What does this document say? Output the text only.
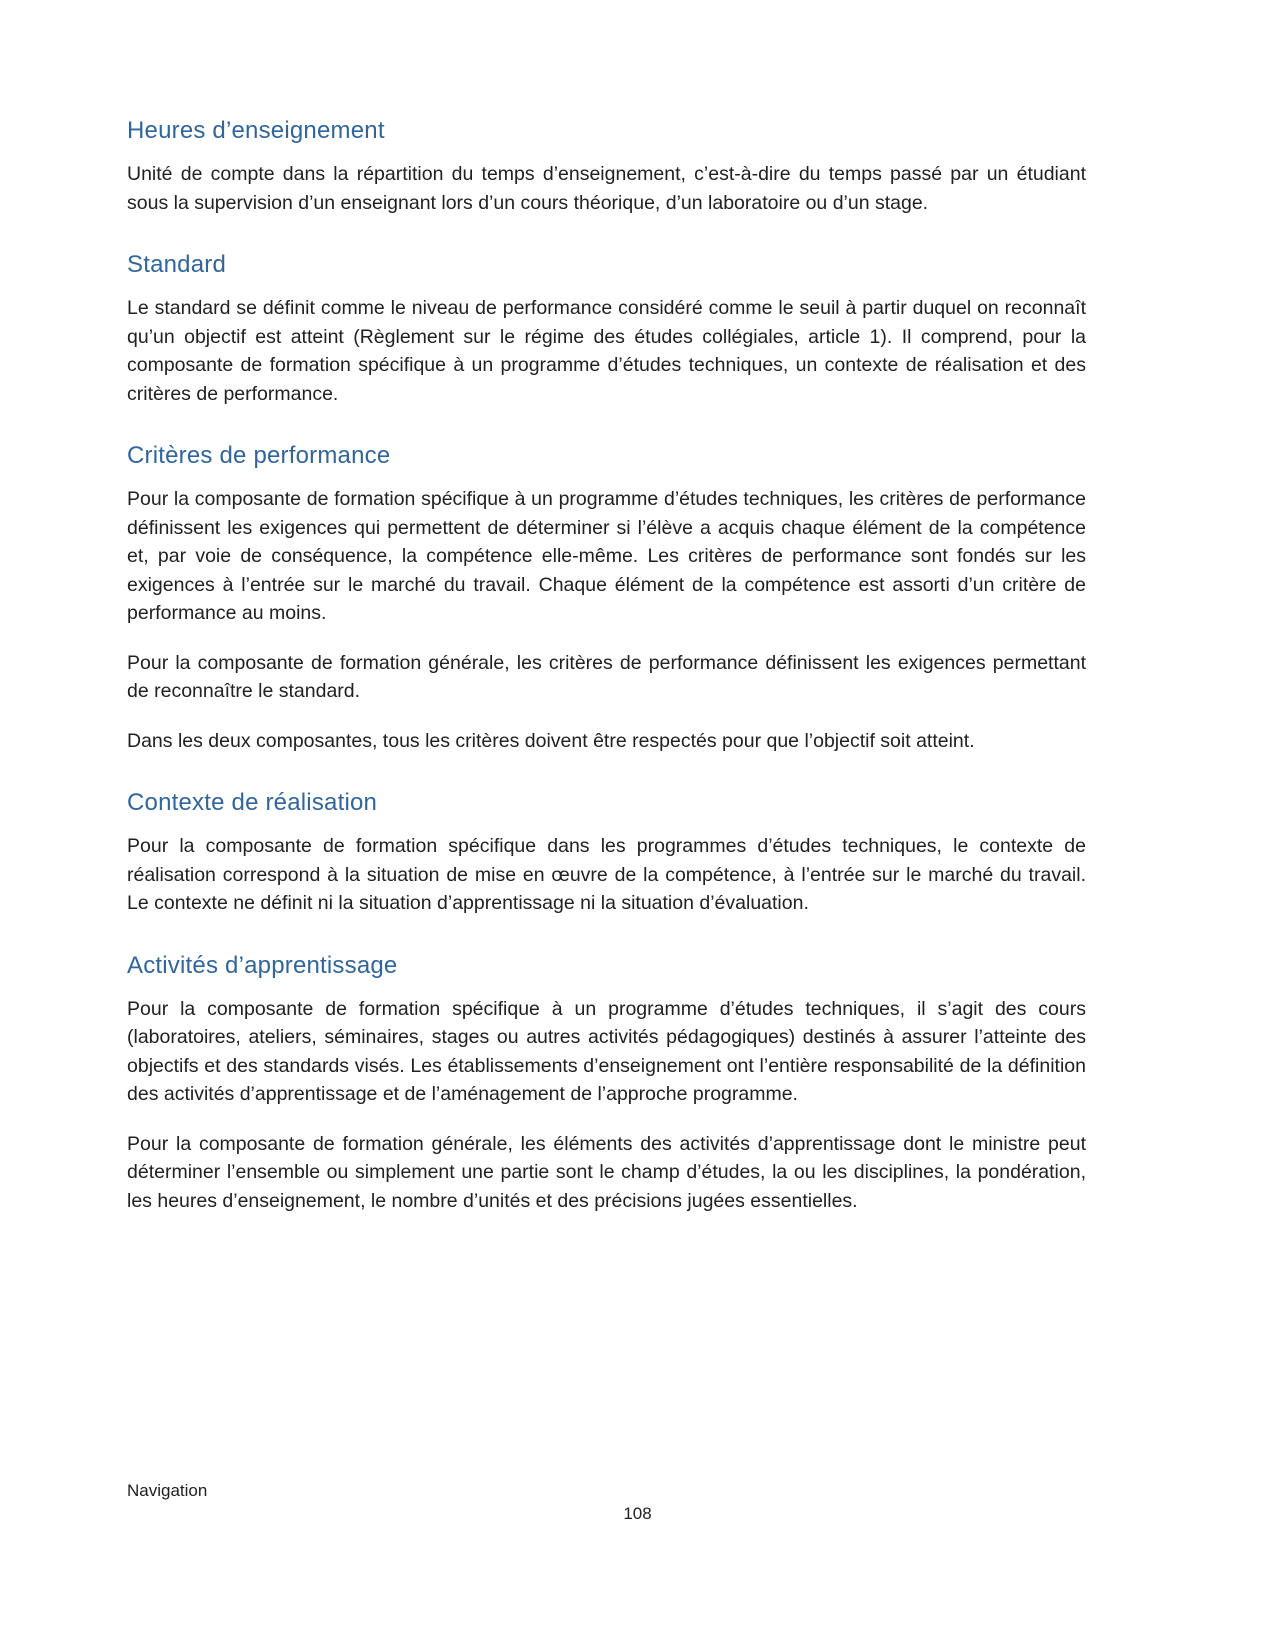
Heures d’enseignement

Unité de compte dans la répartition du temps d’enseignement, c’est-à-dire du temps passé par un étudiant sous la supervision d’un enseignant lors d’un cours théorique, d’un laboratoire ou d’un stage.

Standard

Le standard se définit comme le niveau de performance considéré comme le seuil à partir duquel on reconnaît qu’un objectif est atteint (Règlement sur le régime des études collégiales, article 1). Il comprend, pour la composante de formation spécifique à un programme d’études techniques, un contexte de réalisation et des critères de performance.

Critères de performance

Pour la composante de formation spécifique à un programme d’études techniques, les critères de performance définissent les exigences qui permettent de déterminer si l’élève a acquis chaque élément de la compétence et, par voie de conséquence, la compétence elle-même. Les critères de performance sont fondés sur les exigences à l’entrée sur le marché du travail. Chaque élément de la compétence est assorti d’un critère de performance au moins.

Pour la composante de formation générale, les critères de performance définissent les exigences permettant de reconnaître le standard.

Dans les deux composantes, tous les critères doivent être respectés pour que l’objectif soit atteint.

Contexte de réalisation

Pour la composante de formation spécifique dans les programmes d’études techniques, le contexte de réalisation correspond à la situation de mise en œuvre de la compétence, à l’entrée sur le marché du travail. Le contexte ne définit ni la situation d’apprentissage ni la situation d’évaluation.

Activités d’apprentissage

Pour la composante de formation spécifique à un programme d’études techniques, il s’agit des cours (laboratoires, ateliers, séminaires, stages ou autres activités pédagogiques) destinés à assurer l’atteinte des objectifs et des standards visés. Les établissements d’enseignement ont l’entière responsabilité de la définition des activités d’apprentissage et de l’aménagement de l’approche programme.

Pour la composante de formation générale, les éléments des activités d’apprentissage dont le ministre peut déterminer l’ensemble ou simplement une partie sont le champ d’études, la ou les disciplines, la pondération, les heures d’enseignement, le nombre d’unités et des précisions jugées essentielles.

Navigation
108
